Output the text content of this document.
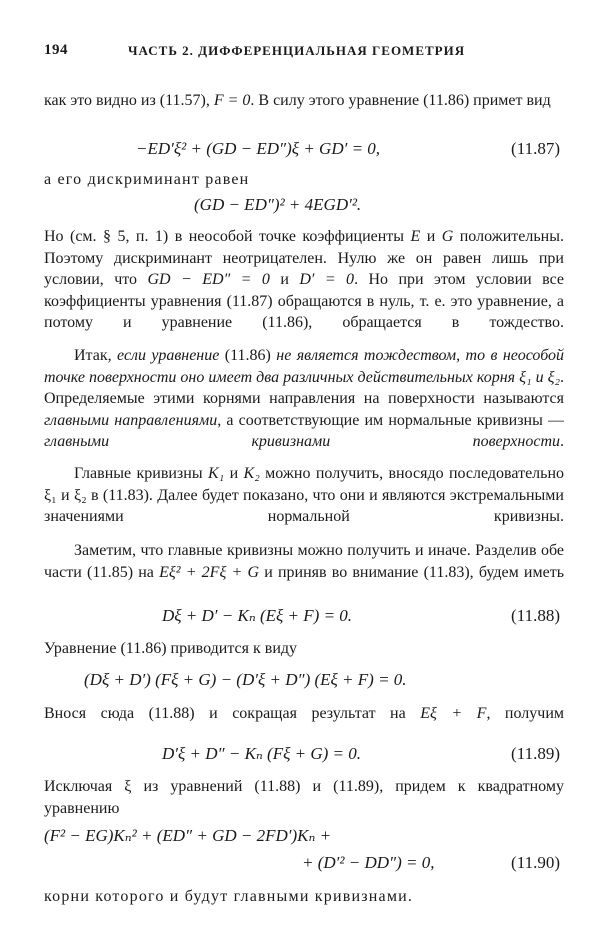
194	ЧАСТЬ 2. ДИФФЕРЕНЦИАЛЬНАЯ ГЕОМЕТРИЯ
как это видно из (11.57), F = 0. В силу этого уравнение (11.86) примет вид
−ED′ξ² + (GD − ED″)ξ + GD′ = 0,	(11.87)
а его дискриминант равен
(GD − ED″)² + 4EGD′².
Но (см. § 5, п. 1) в неособой точке коэффициенты E и G положительны. Поэтому дискриминант неотрицателен. Нулю же он равен лишь при условии, что GD − ED″ = 0 и D′ = 0. Но при этом условии все коэффициенты уравнения (11.87) обращаются в нуль, т. е. это уравнение, а потому и уравнение (11.86), обращается в тождество.
Итак, если уравнение (11.86) не является тождеством, то в неособой точке поверхности оно имеет два различных действительных корня ξ₁ и ξ₂. Определяемые этими корнями направления на поверхности называются главными направлениями, а соответствующие им нормальные кривизны — главными кривизнами поверхности.
Главные кривизны K₁ и K₂ можно получить, вносядо последовательно ξ₁ и ξ₂ в (11.83). Далее будет показано, что они и являются экстремальными значениями нормальной кривизны.
Заметим, что главные кривизны можно получить и иначе. Разделив обе части (11.85) на Eξ² + 2Fξ + G и приняв во внимание (11.83), будем иметь
Dξ + D′ − Kₙ (Eξ + F) = 0.	(11.88)
Уравнение (11.86) приводится к виду
(Dξ + D′) (Fξ + G) − (D′ξ + D″) (Eξ + F) = 0.
Внося сюда (11.88) и сокращая результат на Eξ + F, получим
D′ξ + D″ − Kₙ (Fξ + G) = 0.	(11.89)
Исключая ξ из уравнений (11.88) и (11.89), придем к квадратному уравнению
(F² − EG)Kₙ² + (ED″ + GD − 2FD′)Kₙ +
+ (D′² − DD″) = 0,	(11.90)
корни которого и будут главными кривизнами.
